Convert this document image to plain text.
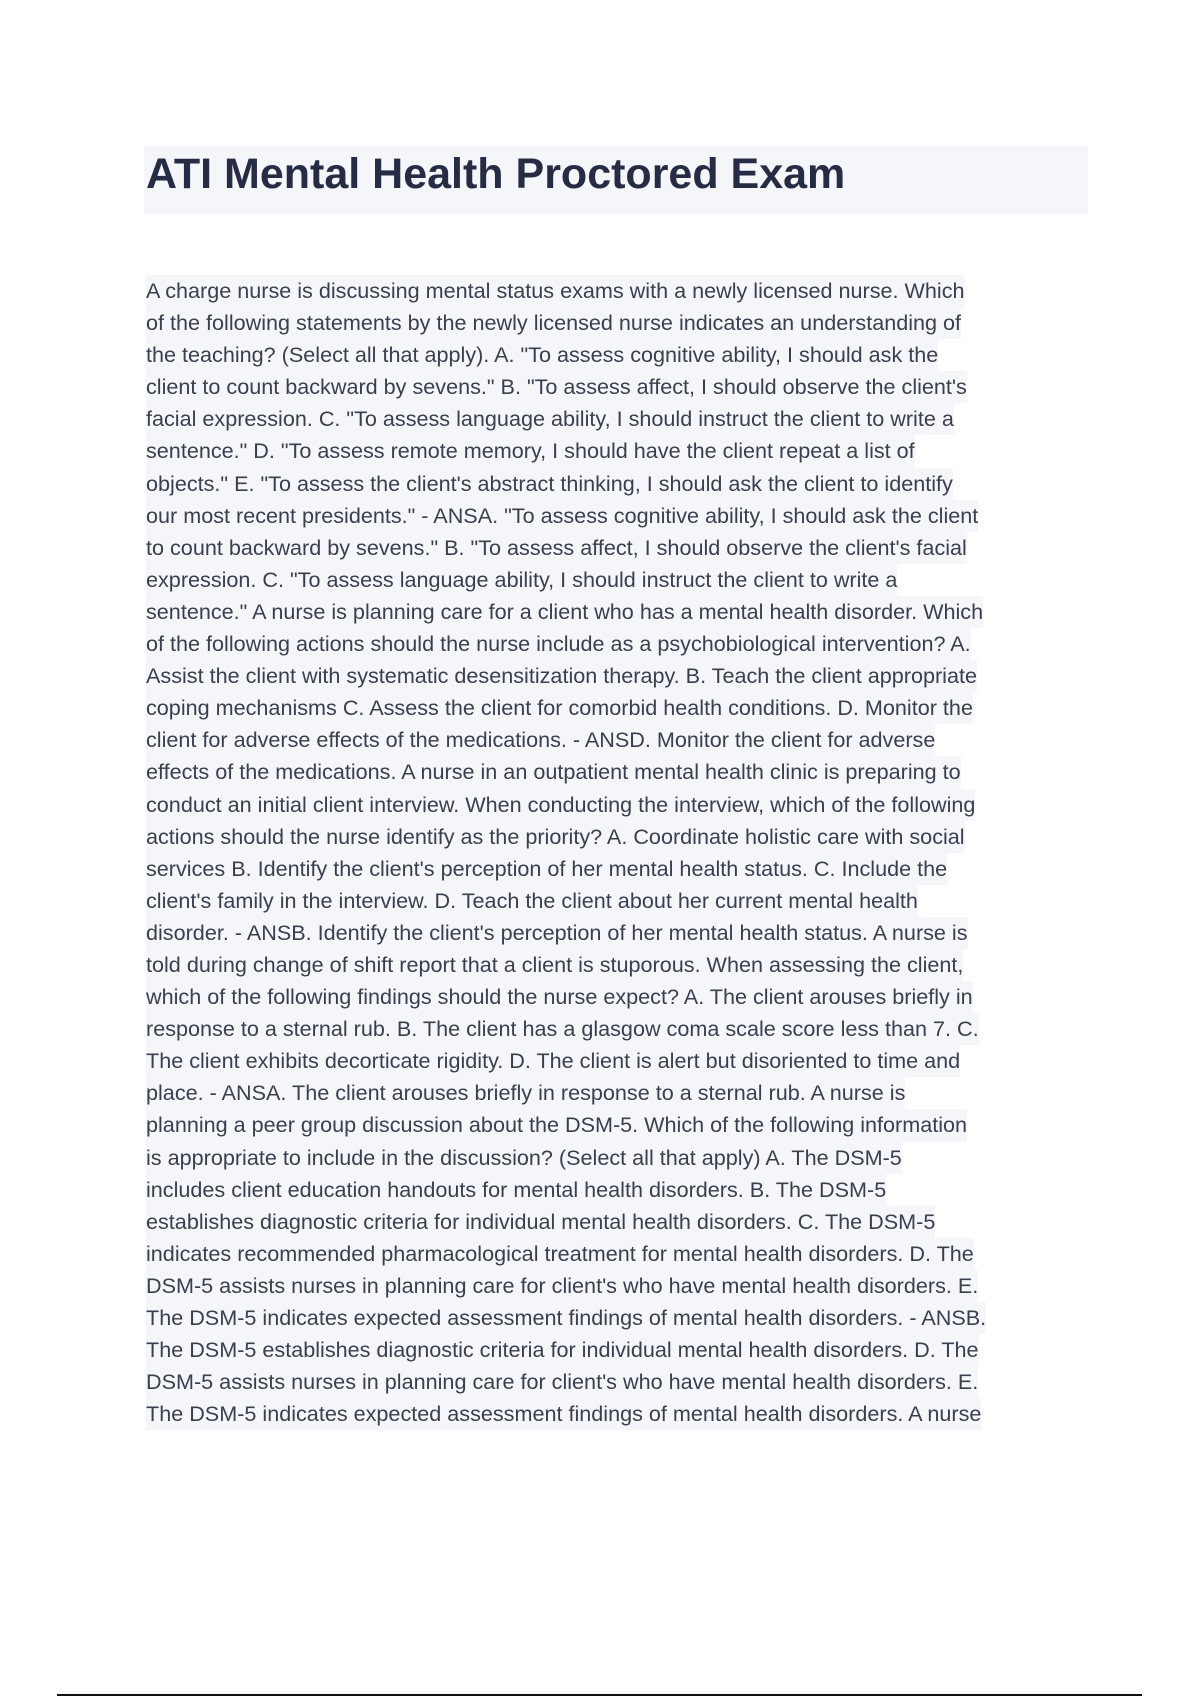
ATI Mental Health Proctored Exam
A charge nurse is discussing mental status exams with a newly licensed nurse. Which
of the following statements by the newly licensed nurse indicates an understanding of
the teaching? (Select all that apply). A. "To assess cognitive ability, I should ask the
client to count backward by sevens." B. "To assess affect, I should observe the client's
facial expression. C. "To assess language ability, I should instruct the client to write a
sentence." D. "To assess remote memory, I should have the client repeat a list of
objects." E. "To assess the client's abstract thinking, I should ask the client to identify
our most recent presidents." - ANSA. "To assess cognitive ability, I should ask the client
to count backward by sevens." B. "To assess affect, I should observe the client's facial
expression. C. "To assess language ability, I should instruct the client to write a
sentence." A nurse is planning care for a client who has a mental health disorder. Which
of the following actions should the nurse include as a psychobiological intervention? A.
Assist the client with systematic desensitization therapy. B. Teach the client appropriate
coping mechanisms C. Assess the client for comorbid health conditions. D. Monitor the
client for adverse effects of the medications. - ANSD. Monitor the client for adverse
effects of the medications. A nurse in an outpatient mental health clinic is preparing to
conduct an initial client interview. When conducting the interview, which of the following
actions should the nurse identify as the priority? A. Coordinate holistic care with social
services B. Identify the client's perception of her mental health status. C. Include the
client's family in the interview. D. Teach the client about her current mental health
disorder. - ANSB. Identify the client's perception of her mental health status. A nurse is
told during change of shift report that a client is stuporous. When assessing the client,
which of the following findings should the nurse expect? A. The client arouses briefly in
response to a sternal rub. B. The client has a glasgow coma scale score less than 7. C.
The client exhibits decorticate rigidity. D. The client is alert but disoriented to time and
place. - ANSA. The client arouses briefly in response to a sternal rub. A nurse is
planning a peer group discussion about the DSM-5. Which of the following information
is appropriate to include in the discussion? (Select all that apply) A. The DSM-5
includes client education handouts for mental health disorders. B. The DSM-5
establishes diagnostic criteria for individual mental health disorders. C. The DSM-5
indicates recommended pharmacological treatment for mental health disorders. D. The
DSM-5 assists nurses in planning care for client's who have mental health disorders. E.
The DSM-5 indicates expected assessment findings of mental health disorders. - ANSB.
The DSM-5 establishes diagnostic criteria for individual mental health disorders. D. The
DSM-5 assists nurses in planning care for client's who have mental health disorders. E.
The DSM-5 indicates expected assessment findings of mental health disorders. A nurse
